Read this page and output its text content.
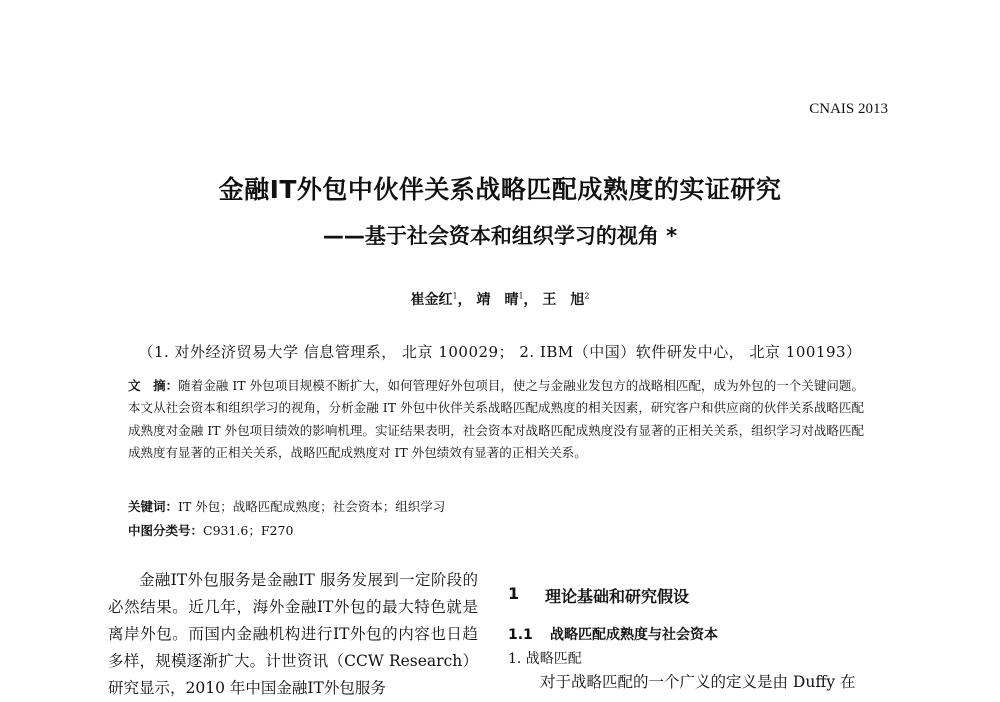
CNAIS 2013
金融IT外包中伙伴关系战略匹配成熟度的实证研究
——基于社会资本和组织学习的视角 *
崔金红$^1$， 靖　晴$^1$， 王　旭$^2$
（1. 对外经济贸易大学 信息管理系， 北京 100029； 2. IBM（中国）软件研发中心， 北京 100193）
文　摘：随着金融 IT 外包项目规模不断扩大，如何管理好外包项目，使之与金融业发包方的战略相匹配，成为外包的一个关键问题。本文从社会资本和组织学习的视角，分析金融 IT 外包中伙伴关系战略匹配成熟度的相关因素，研究客户和供应商的伙伴关系战略匹配成熟度对金融 IT 外包项目绩效的影响机理。实证结果表明，社会资本对战略匹配成熟度没有显著的正相关关系，组织学习对战略匹配成熟度有显著的正相关关系，战略匹配成熟度对 IT 外包绩效有显著的正相关关系。
关键词：IT 外包；战略匹配成熟度；社会资本；组织学习
中图分类号：C931.6；F270
金融IT外包服务是金融IT 服务发展到一定阶段的必然结果。近几年，海外金融IT外包的最大特色就是离岸外包。而国内金融机构进行IT外包的内容也日趋多样，规模逐渐扩大。计世资讯（CCW Research）研究显示，2010 年中国金融IT外包服务
1 理论基础和研究假设
1.1 战略匹配成熟度与社会资本
1. 战略匹配
对于战略匹配的一个广义的定义是由 Duffy 在
